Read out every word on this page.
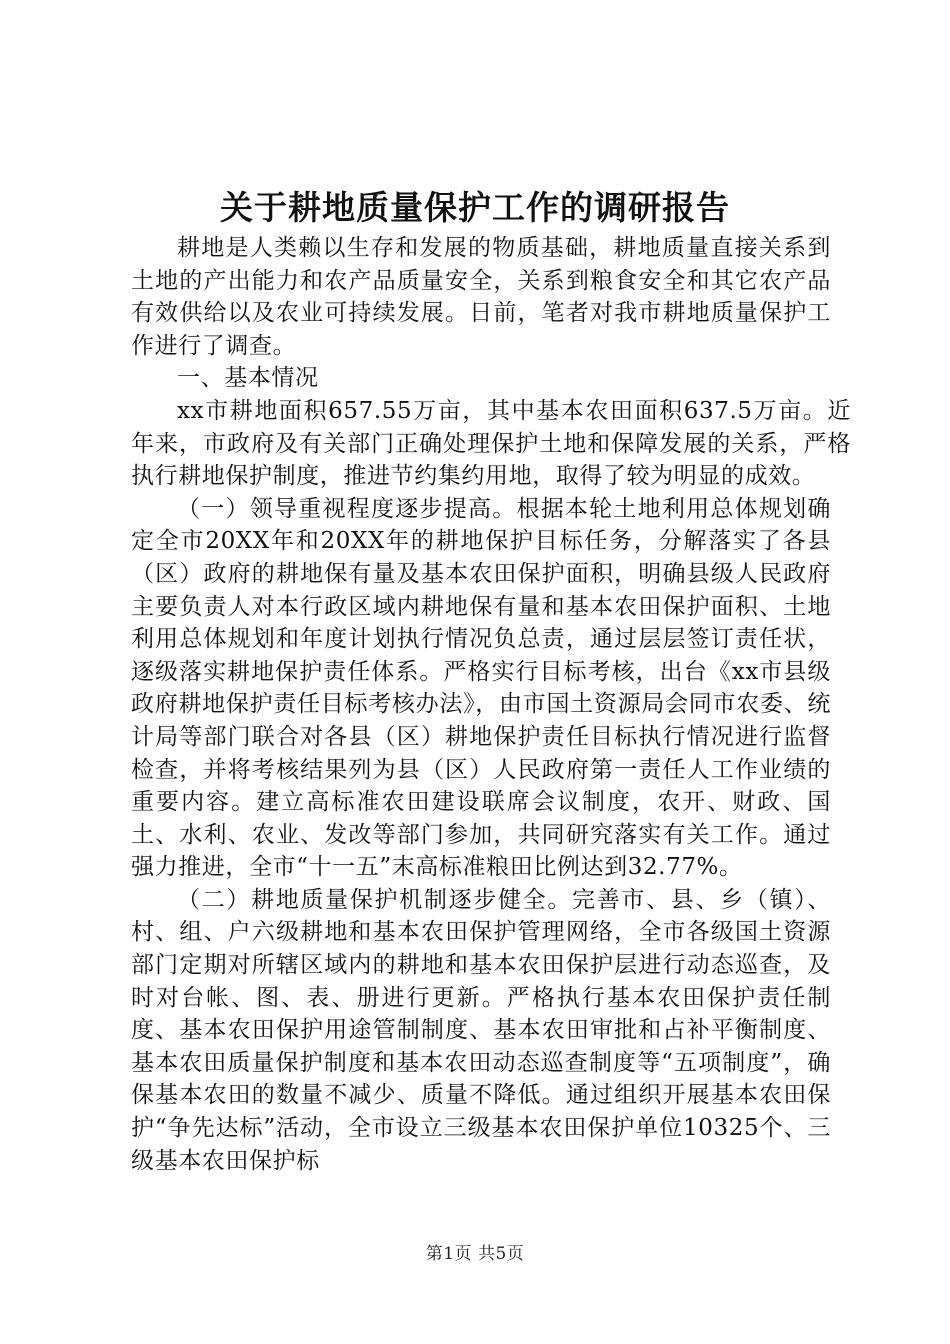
关于耕地质量保护工作的调研报告

耕地是人类赖以生存和发展的物质基础，耕地质量直接关系到土地的产出能力和农产品质量安全，关系到粮食安全和其它农产品有效供给以及农业可持续发展。日前，笔者对我市耕地质量保护工作进行了调查。

一、基本情况

xx市耕地面积657.55万亩，其中基本农田面积637.5万亩。近年来，市政府及有关部门正确处理保护土地和保障发展的关系，严格执行耕地保护制度，推进节约集约用地，取得了较为明显的成效。

（一）领导重视程度逐步提高。根据本轮土地利用总体规划确定全市20XX年和20XX年的耕地保护目标任务，分解落实了各县（区）政府的耕地保有量及基本农田保护面积，明确县级人民政府主要负责人对本行政区域内耕地保有量和基本农田保护面积、土地利用总体规划和年度计划执行情况负总责，通过层层签订责任状，逐级落实耕地保护责任体系。严格实行目标考核，出台《xx市县级政府耕地保护责任目标考核办法》，由市国土资源局会同市农委、统计局等部门联合对各县（区）耕地保护责任目标执行情况进行监督检查，并将考核结果列为县（区）人民政府第一责任人工作业绩的重要内容。建立高标准农田建设联席会议制度，农开、财政、国土、水利、农业、发改等部门参加，共同研究落实有关工作。通过强力推进，全市“十一五”末高标准粮田比例达到32.77%。

（二）耕地质量保护机制逐步健全。完善市、县、乡（镇）、村、组、户六级耕地和基本农田保护管理网络，全市各级国土资源部门定期对所辖区域内的耕地和基本农田保护层进行动态巡查，及时对台帐、图、表、册进行更新。严格执行基本农田保护责任制度、基本农田保护用途管制制度、基本农田审批和占补平衡制度、基本农田质量保护制度和基本农田动态巡查制度等“五项制度”，确保基本农田的数量不减少、质量不降低。通过组织开展基本农田保护“争先达标”活动，全市设立三级基本农田保护单位10325个、三级基本农田保护标

第1页 共5页
